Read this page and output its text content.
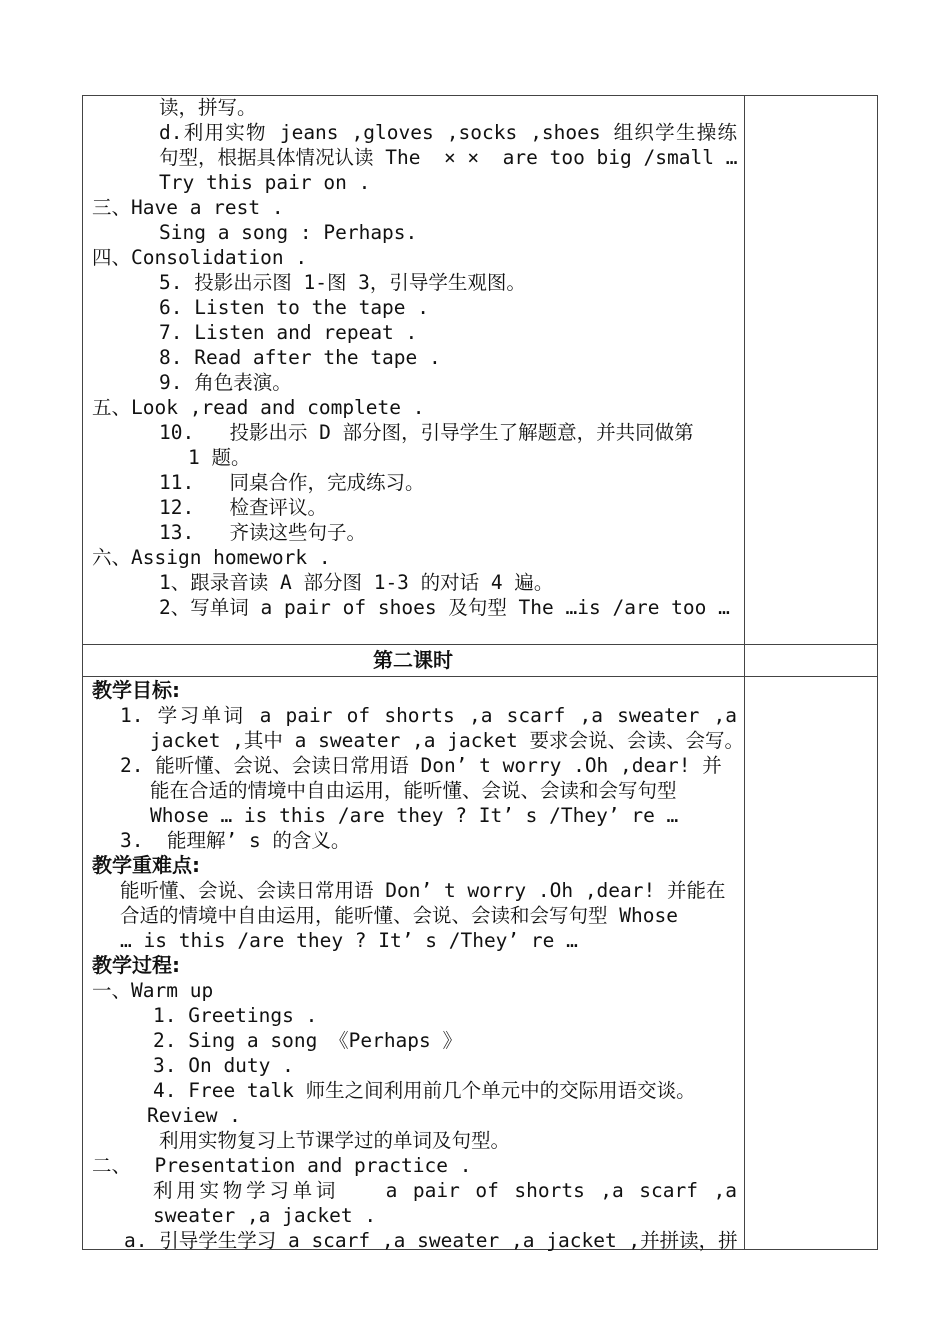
读，拼写。
d.利用实物 jeans ,gloves ,socks ,shoes 组织学生操练
句型，根据具体情况认读 The  × ×  are too big /small …
Try this pair on .
三、Have a rest .
Sing a song : Perhaps.
四、Consolidation .
5. 投影出示图 1-图 3，引导学生观图。
6. Listen to the tape .
7. Listen and repeat .
8. Read after the tape .
9. 角色表演。
五、Look ,read and complete .
10.   投影出示 D 部分图，引导学生了解题意，并共同做第
1 题。
11.   同桌合作，完成练习。
12.   检查评议。
13.   齐读这些句子。
六、Assign homework .
1、跟录音读 A 部分图 1-3 的对话 4 遍。
2、写单词 a pair of shoes 及句型 The …is /are too …
第二课时
教学目标:
1. 学习单词 a pair of shorts ,a scarf ,a sweater ,a
jacket ,其中 a sweater ,a jacket 要求会说、会读、会写。
2. 能听懂、会说、会读日常用语 Don’ t worry .Oh ,dear! 并
能在合适的情境中自由运用，能听懂、会说、会读和会写句型
Whose … is this /are they ? It’ s /They’ re …
3.  能理解’ s 的含义。
教学重难点:
能听懂、会说、会读日常用语 Don’ t worry .Oh ,dear! 并能在
合适的情境中自由运用，能听懂、会说、会读和会写句型 Whose
… is this /are they ? It’ s /They’ re …
教学过程:
一、Warm up
1. Greetings .
2. Sing a song 《Perhaps 》
3. On duty .
4. Free talk 师生之间利用前几个单元中的交际用语交谈。
Review .
利用实物复习上节课学过的单词及句型。
二、  Presentation and practice .
利用实物学习单词   a pair of shorts ,a scarf ,a
sweater ,a jacket .
a. 引导学生学习 a scarf ,a sweater ,a jacket ,并拼读，拼
